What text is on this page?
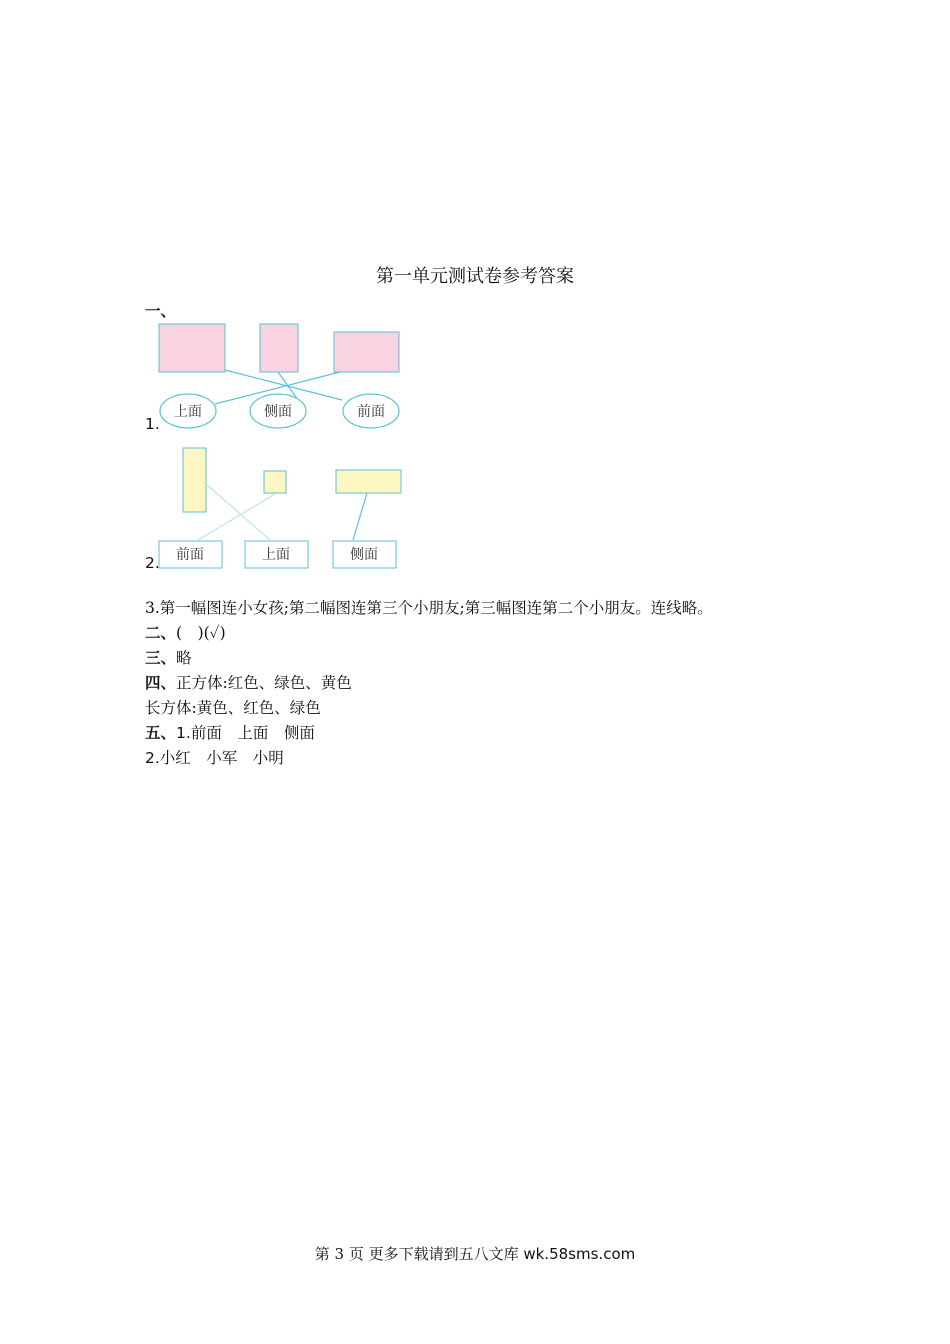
第一单元测试卷参考答案
一、
上面	侧面	前面
前面	上面	侧面
1.
2.
3.第一幅图连小女孩;第二幅图连第三个小朋友;第三幅图连第二个小朋友。连线略。
二、(　)(✓)
三、略
四、正方体:红色、绿色、黄色
长方体:黄色、红色、绿色
五、1.前面　上面　侧面
2.小红　小军　小明
第 3 页 更多下载请到五八文库 wk.58sms.com
